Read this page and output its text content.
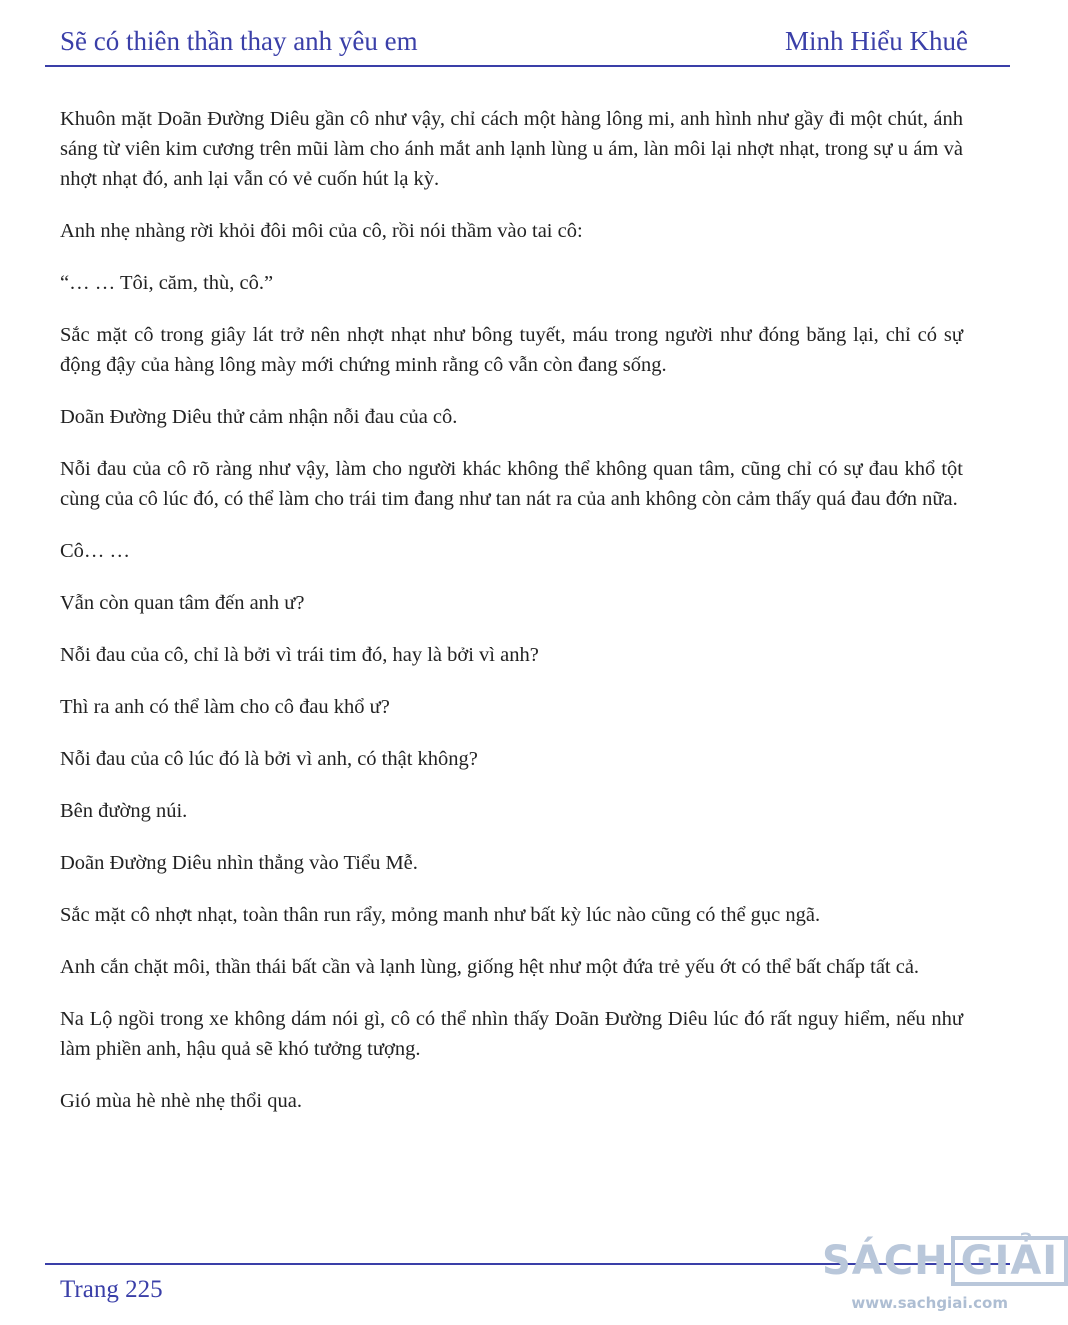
Sẽ có thiên thần thay anh yêu em	Minh Hiểu Khuê

Khuôn mặt Doãn Đường Diêu gần cô như vậy, chỉ cách một hàng lông mi, anh hình như gầy đi một chút, ánh sáng từ viên kim cương trên mũi làm cho ánh mắt anh lạnh lùng u ám, làn môi lại nhợt nhạt, trong sự u ám và nhợt nhạt đó, anh lại vẫn có vẻ cuốn hút lạ kỳ.

Anh nhẹ nhàng rời khỏi đôi môi của cô, rồi nói thầm vào tai cô:

“… … Tôi, căm, thù, cô.”

Sắc mặt cô trong giây lát trở nên nhợt nhạt như bông tuyết, máu trong người như đóng băng lại, chỉ có sự động đậy của hàng lông mày mới chứng minh rằng cô vẫn còn đang sống.

Doãn Đường Diêu thử cảm nhận nỗi đau của cô.

Nỗi đau của cô rõ ràng như vậy, làm cho người khác không thể không quan tâm, cũng chỉ có sự đau khổ tột cùng của cô lúc đó, có thể làm cho trái tim đang như tan nát ra của anh không còn cảm thấy quá đau đớn nữa.

Cô… …

Vẫn còn quan tâm đến anh ư?

Nỗi đau của cô, chỉ là bởi vì trái tim đó, hay là bởi vì anh?

Thì ra anh có thể làm cho cô đau khổ ư?

Nỗi đau của cô lúc đó là bởi vì anh, có thật không?

Bên đường núi.

Doãn Đường Diêu nhìn thẳng vào Tiểu Mễ.

Sắc mặt cô nhợt nhạt, toàn thân run rẩy, mỏng manh như bất kỳ lúc nào cũng có thể gục ngã.

Anh cắn chặt môi, thần thái bất cần và lạnh lùng, giống hệt như một đứa trẻ yếu ớt có thể bất chấp tất cả.

Na Lộ ngồi trong xe không dám nói gì, cô có thể nhìn thấy Doãn Đường Diêu lúc đó rất nguy hiểm, nếu như làm phiền anh, hậu quả sẽ khó tưởng tượng.

Gió mùa hè nhè nhẹ thổi qua.

Trang 225
SÁCH GIẢI
www.sachgiai.com
